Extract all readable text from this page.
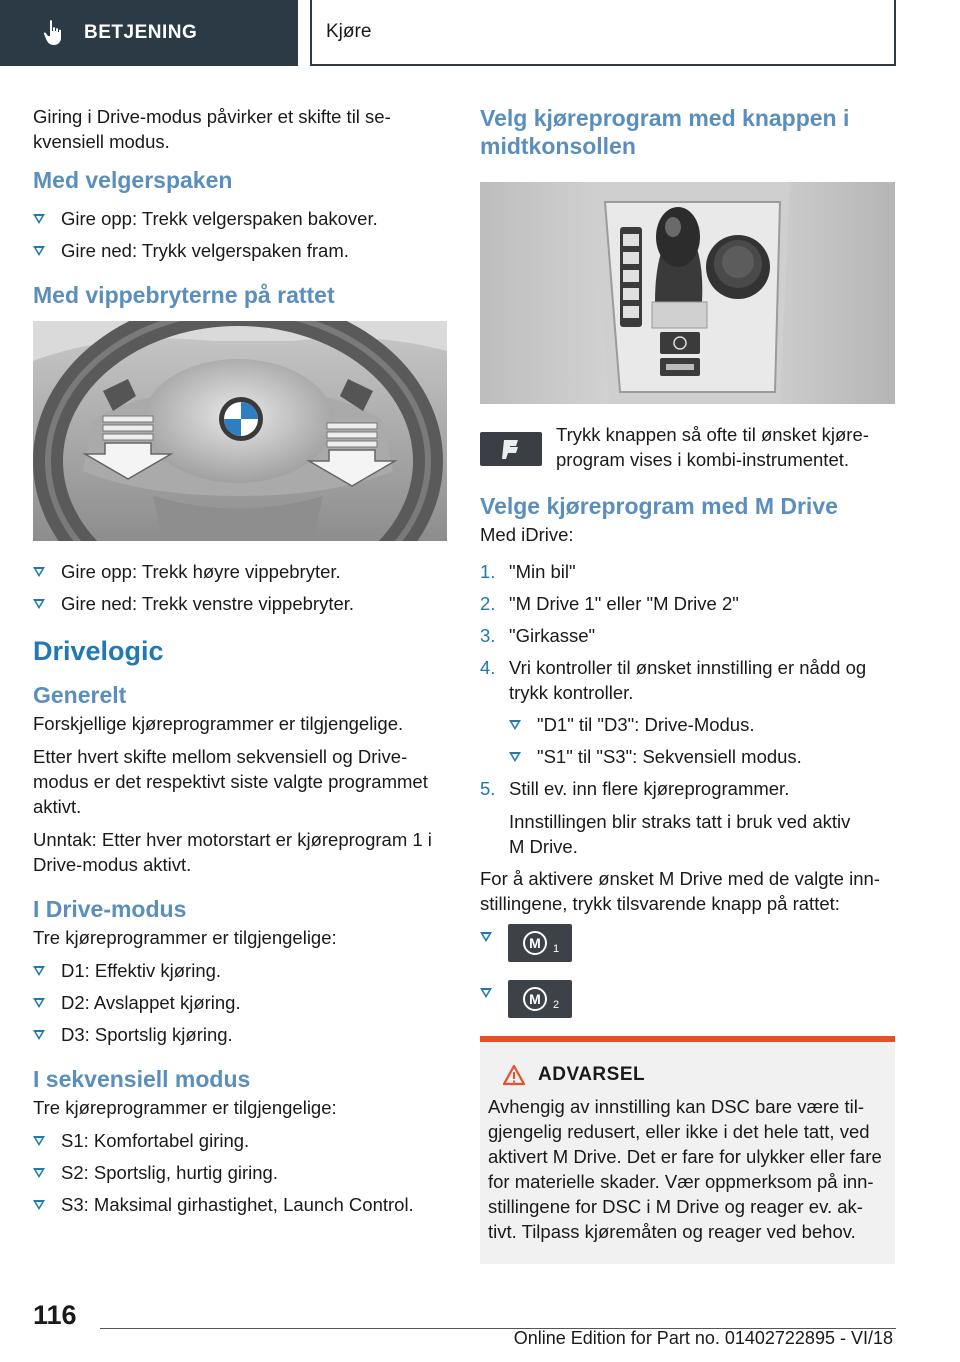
BETJENING	Kjøre

Giring i Drive-modus påvirker et skifte til se-kvensiell modus.

Med velgerspaken
Gire opp: Trekk velgerspaken bakover.
Gire ned: Trykk velgerspaken fram.
Med vippebryterne på rattet
Gire opp: Trekk høyre vippebryter.
Gire ned: Trekk venstre vippebryter.
Drivelogic
Generelt

Forskjellige kjøreprogrammer er tilgjengelige.

Etter hvert skifte mellom sekvensiell og Drive-modus er det respektivt siste valgte programmet aktivt.

Unntak: Etter hver motorstart er kjøreprogram 1 i Drive-modus aktivt.

I Drive-modus

Tre kjøreprogrammer er tilgjengelige:

D1: Effektiv kjøring.
D2: Avslappet kjøring.
D3: Sportslig kjøring.
I sekvensiell modus

Tre kjøreprogrammer er tilgjengelige:

S1: Komfortabel giring.
S2: Sportslig, hurtig giring.
S3: Maksimal girhastighet, Launch Control.
Velg kjøreprogram med knappen i midtkonsollen

Trykk knappen så ofte til ønsket kjøre-program vises i kombi-instrumentet.

Velge kjøreprogram med M Drive

Med iDrive:

1. "Min bil"
2. "M Drive 1" eller "M Drive 2"
3. "Girkasse"
4. Vri kontroller til ønsket innstilling er nådd og trykk kontroller.
"D1" til "D3": Drive-Modus.
"S1" til "S3": Sekvensiell modus.
5. Still ev. inn flere kjøreprogrammer.
Innstillingen blir straks tatt i bruk ved aktiv M Drive.

For å aktivere ønsket M Drive med de valgte inn-stillingene, trykk tilsvarende knapp på rattet:

M 1
M 2
ADVARSEL

Avhengig av innstilling kan DSC bare være til-gjengelig redusert, eller ikke i det hele tatt, ved aktivert M Drive. Det er fare for ulykker eller fare for materielle skader. Vær oppmerksom på inn-stillingene for DSC i M Drive og reager ev. ak-tivt. Tilpass kjøremåten og reager ved behov.

116
Online Edition for Part no. 01402722895 - VI/18
